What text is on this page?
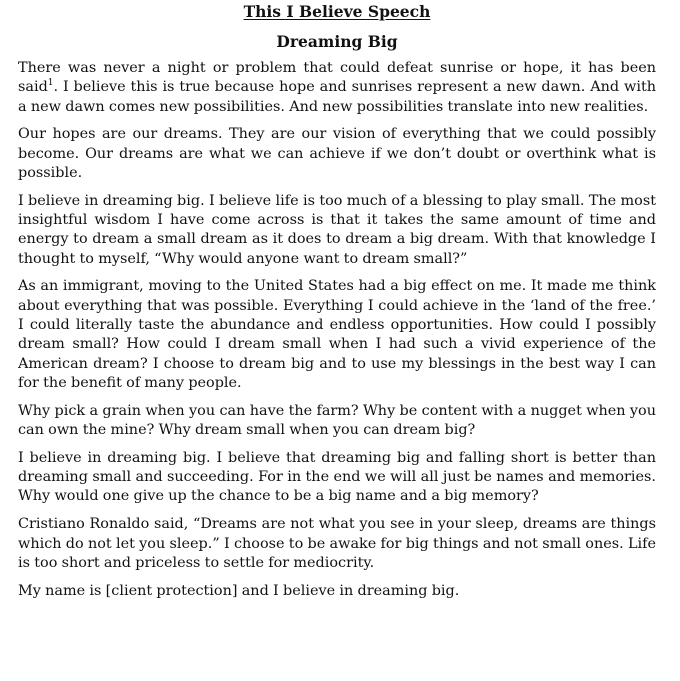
This I Believe Speech
Dreaming Big

There was never a night or problem that could defeat sunrise or hope, it has been said$^1$. I believe this is true because hope and sunrises represent a new dawn. And with a new dawn comes new possibilities. And new possibilities translate into new realities.

Our hopes are our dreams. They are our vision of everything that we could possibly become. Our dreams are what we can achieve if we don’t doubt or overthink what is possible.

I believe in dreaming big. I believe life is too much of a blessing to play small. The most insightful wisdom I have come across is that it takes the same amount of time and energy to dream a small dream as it does to dream a big dream. With that knowledge I thought to myself, “Why would anyone want to dream small?”

As an immigrant, moving to the United States had a big effect on me. It made me think about everything that was possible. Everything I could achieve in the ‘land of the free.’ I could literally taste the abundance and endless opportunities. How could I possibly dream small? How could I dream small when I had such a vivid experience of the American dream? I choose to dream big and to use my blessings in the best way I can for the benefit of many people.

Why pick a grain when you can have the farm? Why be content with a nugget when you can own the mine? Why dream small when you can dream big?

I believe in dreaming big. I believe that dreaming big and falling short is better than dreaming small and succeeding. For in the end we will all just be names and memories. Why would one give up the chance to be a big name and a big memory?

Cristiano Ronaldo said, “Dreams are not what you see in your sleep, dreams are things which do not let you sleep.” I choose to be awake for big things and not small ones. Life is too short and priceless to settle for mediocrity.

My name is [client protection] and I believe in dreaming big.
